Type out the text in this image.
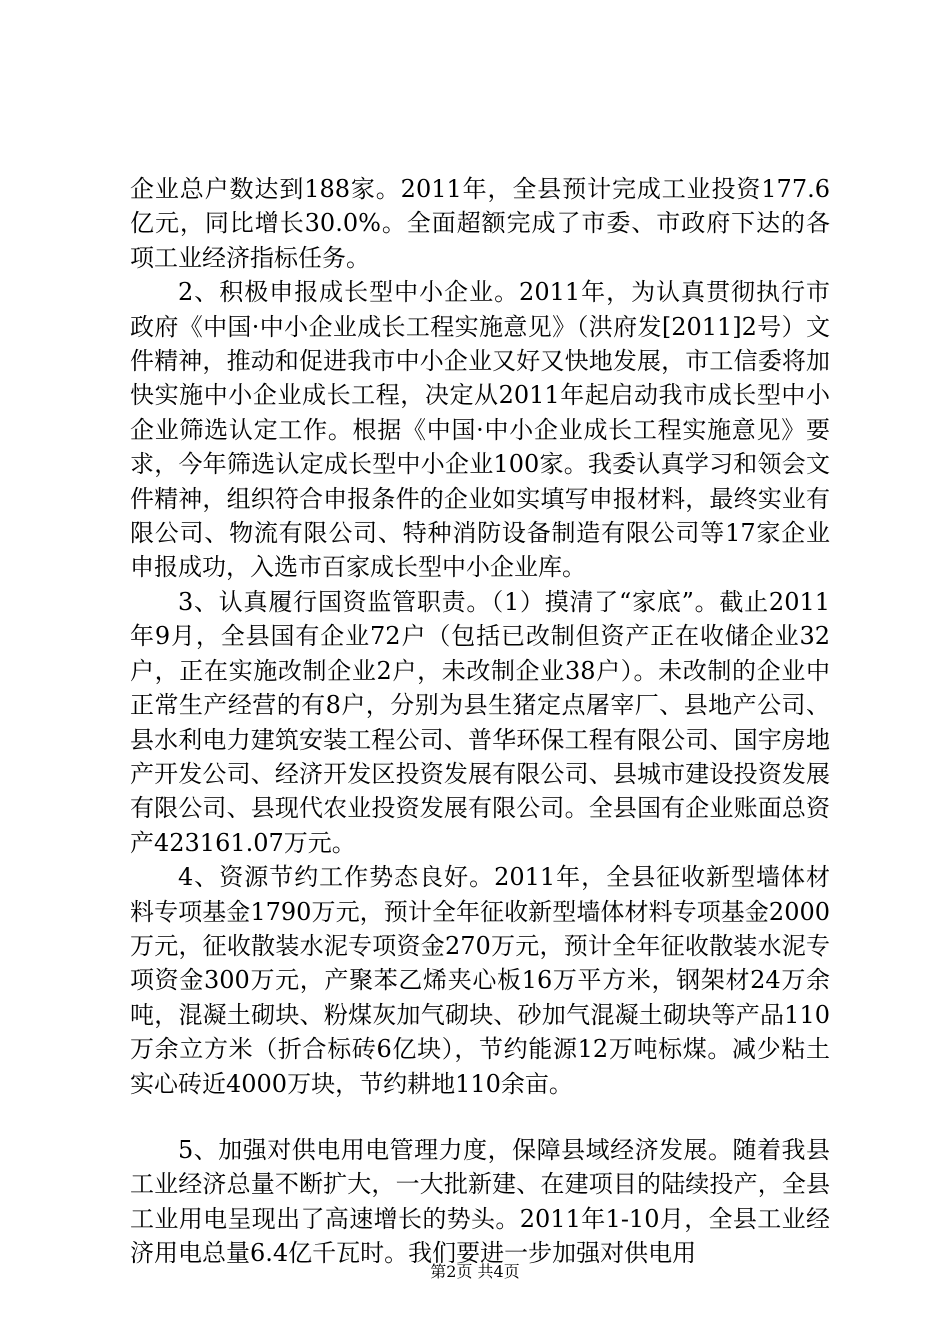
企业总户数达到188家。2011年，全县预计完成工业投资177.6亿元，同比增长30.0%。全面超额完成了市委、市政府下达的各项工业经济指标任务。

2、积极申报成长型中小企业。2011年，为认真贯彻执行市政府《中国·中小企业成长工程实施意见》（洪府发[2011]2号）文件精神，推动和促进我市中小企业又好又快地发展，市工信委将加快实施中小企业成长工程，决定从2011年起启动我市成长型中小企业筛选认定工作。根据《中国·中小企业成长工程实施意见》要求，今年筛选认定成长型中小企业100家。我委认真学习和领会文件精神，组织符合申报条件的企业如实填写申报材料，最终实业有限公司、物流有限公司、特种消防设备制造有限公司等17家企业申报成功，入选市百家成长型中小企业库。

3、认真履行国资监管职责。（1）摸清了“家底”。截止2011年9月，全县国有企业72户（包括已改制但资产正在收储企业32户，正在实施改制企业2户，未改制企业38户）。未改制的企业中正常生产经营的有8户，分别为县生猪定点屠宰厂、县地产公司、县水利电力建筑安装工程公司、普华环保工程有限公司、国宇房地产开发公司、经济开发区投资发展有限公司、县城市建设投资发展有限公司、县现代农业投资发展有限公司。全县国有企业账面总资产423161.07万元。

4、资源节约工作势态良好。2011年，全县征收新型墙体材料专项基金1790万元，预计全年征收新型墙体材料专项基金2000万元，征收散装水泥专项资金270万元，预计全年征收散装水泥专项资金300万元，产聚苯乙烯夹心板16万平方米，钢架材24万余吨，混凝土砌块、粉煤灰加气砌块、砂加气混凝土砌块等产品110万余立方米（折合标砖6亿块），节约能源12万吨标煤。减少粘土实心砖近4000万块，节约耕地110余亩。

5、加强对供电用电管理力度，保障县域经济发展。随着我县工业经济总量不断扩大，一大批新建、在建项目的陆续投产，全县工业用电呈现出了高速增长的势头。2011年1-10月，全县工业经济用电总量6.4亿千瓦时。我们要进一步加强对供电用

第2页 共4页
